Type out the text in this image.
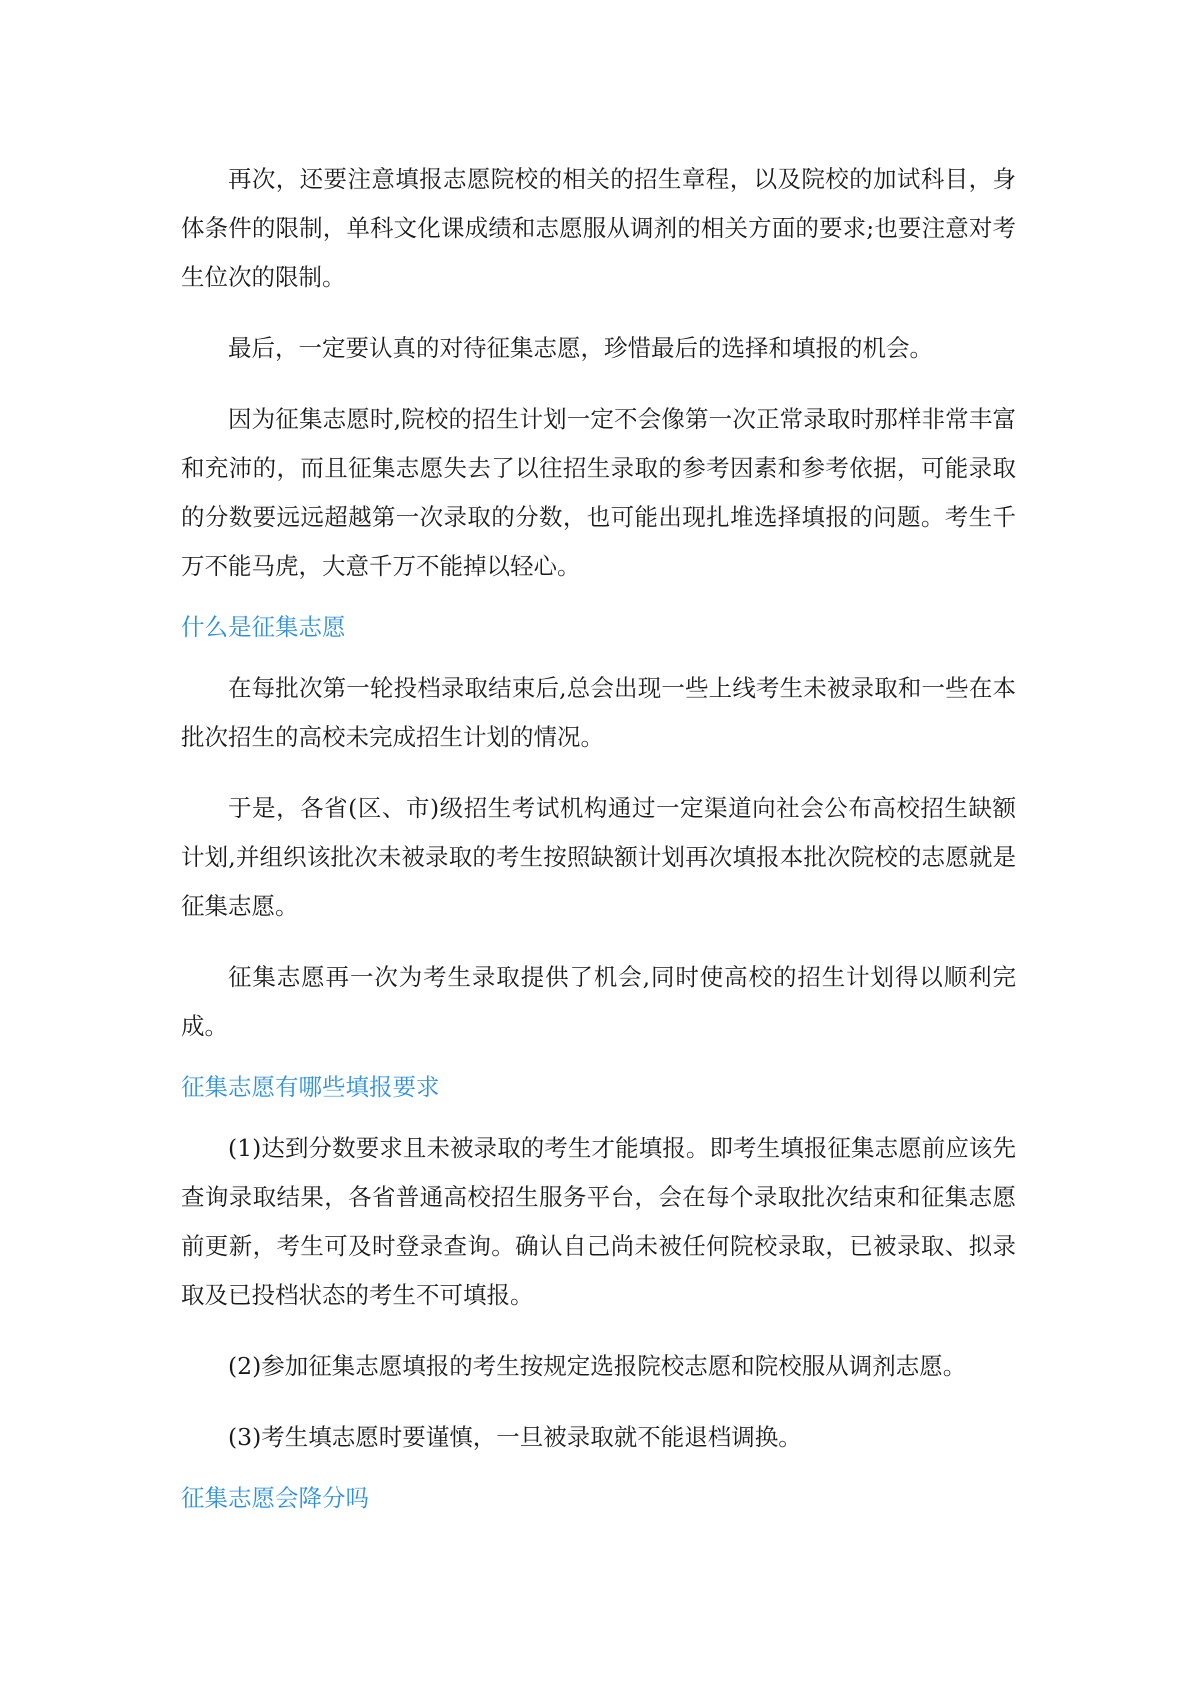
再次，还要注意填报志愿院校的相关的招生章程，以及院校的加试科目，身体条件的限制，单科文化课成绩和志愿服从调剂的相关方面的要求;也要注意对考生位次的限制。

最后，一定要认真的对待征集志愿，珍惜最后的选择和填报的机会。

因为征集志愿时,院校的招生计划一定不会像第一次正常录取时那样非常丰富和充沛的，而且征集志愿失去了以往招生录取的参考因素和参考依据，可能录取的分数要远远超越第一次录取的分数，也可能出现扎堆选择填报的问题。考生千万不能马虎，大意千万不能掉以轻心。

什么是征集志愿

在每批次第一轮投档录取结束后,总会出现一些上线考生未被录取和一些在本批次招生的高校未完成招生计划的情况。

于是，各省(区、市)级招生考试机构通过一定渠道向社会公布高校招生缺额计划,并组织该批次未被录取的考生按照缺额计划再次填报本批次院校的志愿就是征集志愿。

征集志愿再一次为考生录取提供了机会,同时使高校的招生计划得以顺利完成。

征集志愿有哪些填报要求

(1)达到分数要求且未被录取的考生才能填报。即考生填报征集志愿前应该先查询录取结果，各省普通高校招生服务平台，会在每个录取批次结束和征集志愿前更新，考生可及时登录查询。确认自己尚未被任何院校录取，已被录取、拟录取及已投档状态的考生不可填报。

(2)参加征集志愿填报的考生按规定选报院校志愿和院校服从调剂志愿。

(3)考生填志愿时要谨慎，一旦被录取就不能退档调换。

征集志愿会降分吗
